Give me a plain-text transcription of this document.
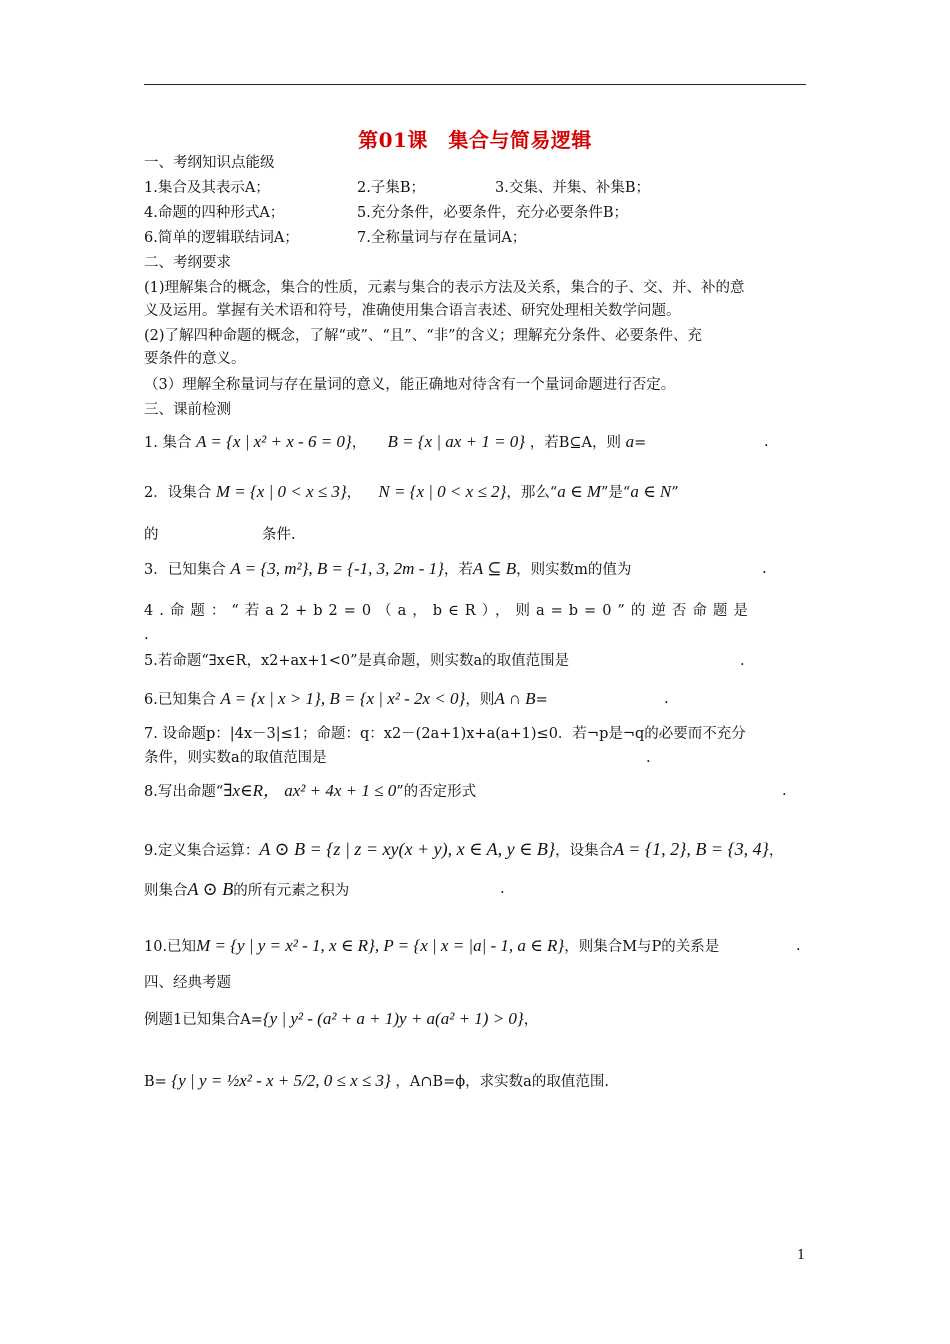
第01课　集合与简易逻辑
一、考纲知识点能级
1.集合及其表示A；	2.子集B；	3.交集、并集、补集B；
4.命题的四种形式A；	5.充分条件，必要条件，充分必要条件B；
6.简单的逻辑联结词A；	7.全称量词与存在量词A；
二、考纲要求
(1)理解集合的概念，集合的性质，元素与集合的表示方法及关系，集合的子、交、并、补的意
义及运用。掌握有关术语和符号，准确使用集合语言表述、研究处理相关数学问题。
(2)了解四种命题的概念，了解“或”、“且”、“非”的含义；理解充分条件、必要条件、充
要条件的意义。
（3）理解全称量词与存在量词的意义，能正确地对待含有一个量词命题进行否定。
三、课前检测
1. 集合 A = {x | x² + x - 6 = 0}，  B = {x | ax + 1 = 0} ，若B⊆A，则 a=	.
2．设集合 M = {x | 0 < x ≤ 3}，  N = {x | 0 < x ≤ 2}，那么“a ∈ M”是“a ∈ N”
的	条件.
3．已知集合 A = {3, m²}, B = {-1, 3, 2m - 1}，若A ⊆ B，则实数m的值为	.
4.命题：“若a2+b2=0（a，b∈R），则a=b=0”的逆否命题是
.
5.若命题“∃x∈R，x2+ax+1<0”是真命题，则实数a的取值范围是	.
6.已知集合 A = {x | x > 1}, B = {x | x² - 2x < 0}，则A ∩ B=	.
7. 设命题p：|4x－3|≤1；命题：q：x2－(2a+1)x+a(a+1)≤0．若¬p是¬q的必要而不充分
条件，则实数a的取值范围是	.
8.写出命题“∃x∈R， ax² + 4x + 1 ≤ 0”的否定形式	.
9.定义集合运算：A ⊙ B = {z | z = xy(x + y), x ∈ A, y ∈ B}，设集合A = {1, 2}, B = {3, 4}，
则集合A ⊙ B的所有元素之积为	.
10.已知M = {y | y = x² - 1, x ∈ R}, P = {x | x = |a| - 1, a ∈ R}，则集合M与P的关系是	.
四、经典考题
例题1已知集合A={y | y² - (a² + a + 1)y + a(a² + 1) > 0}，
B= {y | y = ½x² - x + 5/2, 0 ≤ x ≤ 3} ，A∩B=ϕ，求实数a的取值范围.
1
